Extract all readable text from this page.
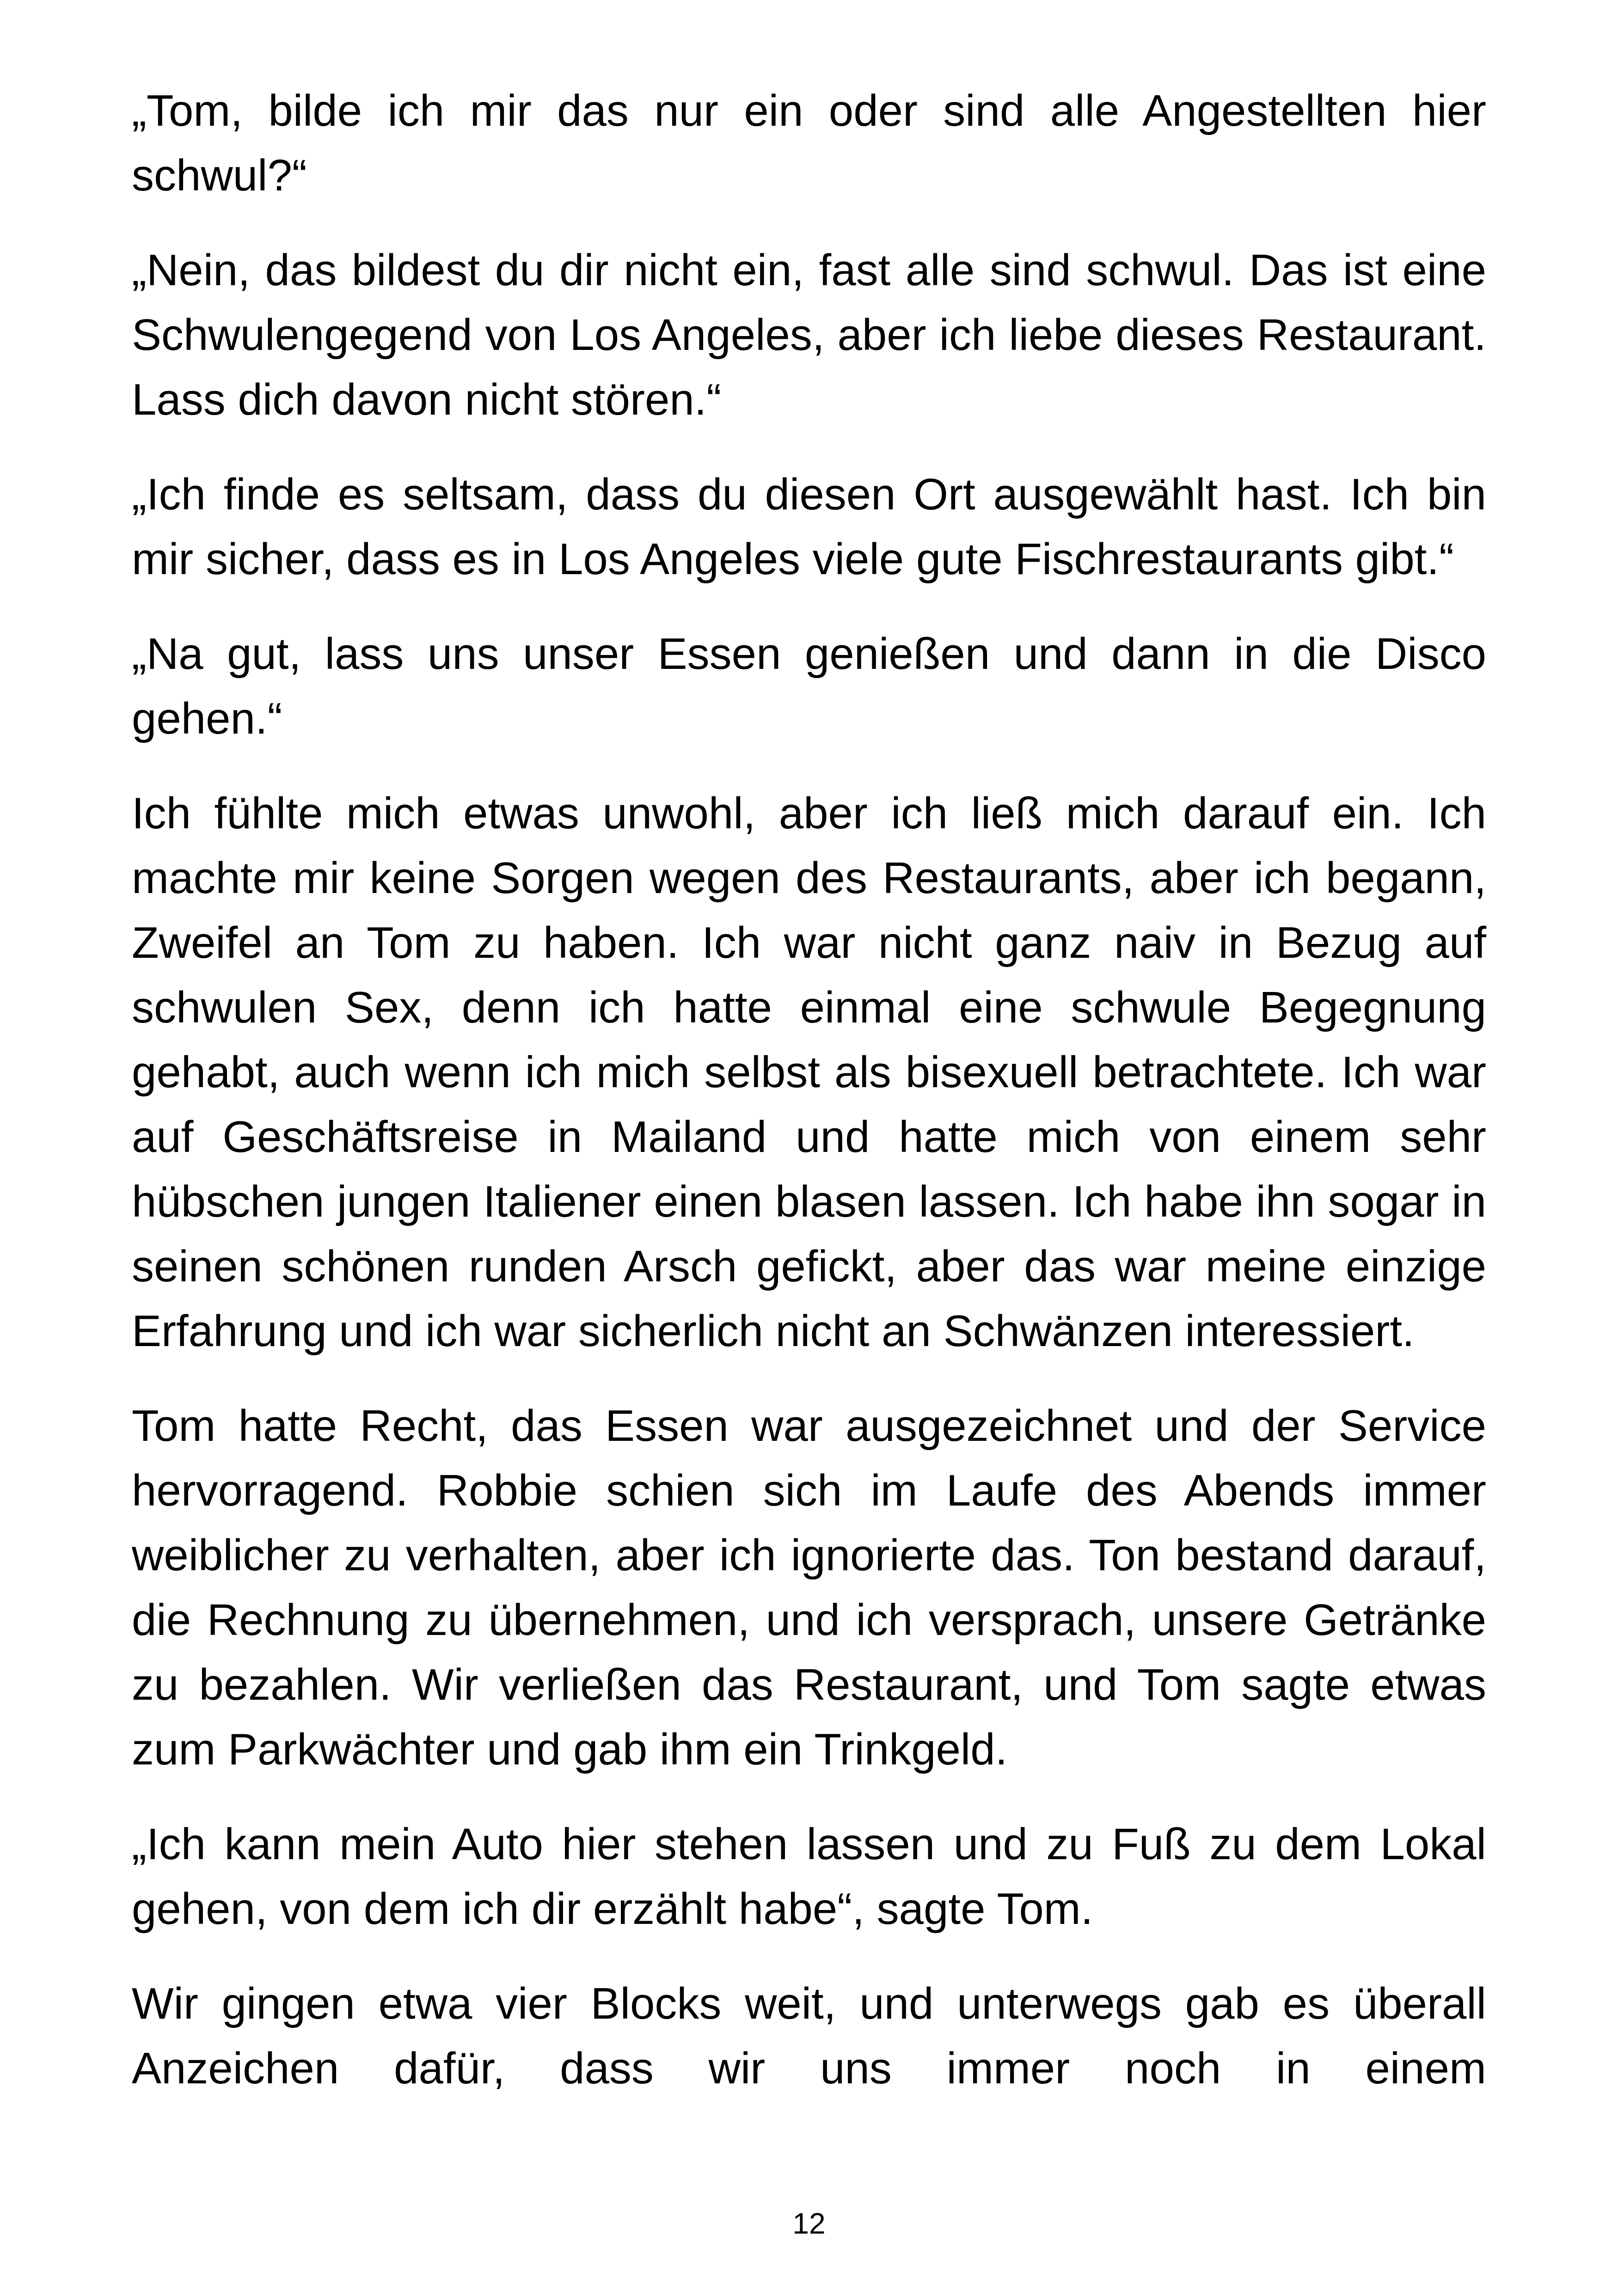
„Tom, bilde ich mir das nur ein oder sind alle Angestellten hier schwul?“

„Nein, das bildest du dir nicht ein, fast alle sind schwul. Das ist eine Schwulengegend von Los Angeles, aber ich liebe dieses Restaurant. Lass dich davon nicht stören.“

„Ich finde es seltsam, dass du diesen Ort ausgewählt hast. Ich bin mir sicher, dass es in Los Angeles viele gute Fischrestaurants gibt.“

„Na gut, lass uns unser Essen genießen und dann in die Disco gehen.“

Ich fühlte mich etwas unwohl, aber ich ließ mich darauf ein. Ich machte mir keine Sorgen wegen des Restaurants, aber ich begann, Zweifel an Tom zu haben. Ich war nicht ganz naiv in Bezug auf schwulen Sex, denn ich hatte einmal eine schwule Begegnung gehabt, auch wenn ich mich selbst als bisexuell betrachtete. Ich war auf Geschäftsreise in Mailand und hatte mich von einem sehr hübschen jungen Italiener einen blasen lassen. Ich habe ihn sogar in seinen schönen runden Arsch gefickt, aber das war meine einzige Erfahrung und ich war sicherlich nicht an Schwänzen interessiert.

Tom hatte Recht, das Essen war ausgezeichnet und der Service hervorragend. Robbie schien sich im Laufe des Abends immer weiblicher zu verhalten, aber ich ignorierte das. Ton bestand darauf, die Rechnung zu übernehmen, und ich versprach, unsere Getränke zu bezahlen. Wir verließen das Restaurant, und Tom sagte etwas zum Parkwächter und gab ihm ein Trinkgeld.

„Ich kann mein Auto hier stehen lassen und zu Fuß zu dem Lokal gehen, von dem ich dir erzählt habe“, sagte Tom.

Wir gingen etwa vier Blocks weit, und unterwegs gab es überall Anzeichen dafür, dass wir uns immer noch in einem

12
